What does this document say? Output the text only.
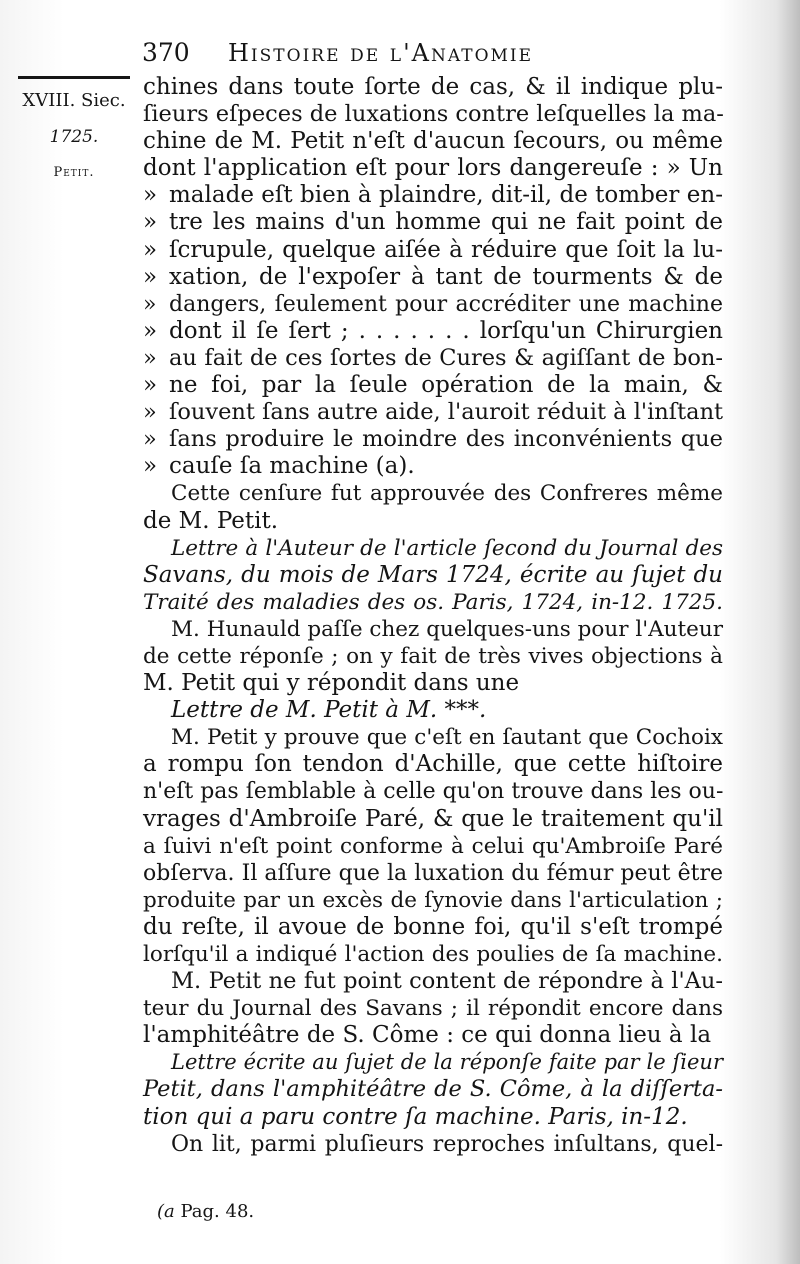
370 Histoire de l'Anatomie
XVIII. Siec.
1725.
Petit.
chines dans toute ſorte de cas, & il indique plu-
ſieurs eſpeces de luxations contre leſquelles la ma-
chine de M. Petit n'eſt d'aucun ſecours, ou même
dont l'application eſt pour lors dangereuſe : » Un
» malade eſt bien à plaindre, dit-il, de tomber en-
» tre les mains d'un homme qui ne fait point de
» ſcrupule, quelque aiſée à réduire que ſoit la lu-
» xation, de l'expoſer à tant de tourments & de
» dangers, ſeulement pour accréditer une machine
» dont il ſe ſert ; . . . . . . . lorſqu'un Chirurgien
» au fait de ces ſortes de Cures & agiſſant de bon-
» ne foi, par la ſeule opération de la main, &
» ſouvent ſans autre aide, l'auroit réduit à l'inſtant
» ſans produire le moindre des inconvénients que
» cauſe ſa machine (a).
Cette cenſure fut approuvée des Confreres même
de M. Petit.
Lettre à l'Auteur de l'article ſecond du Journal des
Savans, du mois de Mars 1724, écrite au ſujet du
Traité des maladies des os. Paris, 1724, in-12. 1725.
M. Hunauld paſſe chez quelques-uns pour l'Auteur
de cette réponſe ; on y fait de très vives objections à
M. Petit qui y répondit dans une
Lettre de M. Petit à M. ***.
M. Petit y prouve que c'eſt en ſautant que Cochoix
a rompu ſon tendon d'Achille, que cette hiſtoire
n'eſt pas ſemblable à celle qu'on trouve dans les ou-
vrages d'Ambroiſe Paré, & que le traitement qu'il
a ſuivi n'eſt point conforme à celui qu'Ambroiſe Paré
obſerva. Il aſſure que la luxation du fémur peut être
produite par un excès de ſynovie dans l'articulation ;
du reſte, il avoue de bonne foi, qu'il s'eſt trompé
lorſqu'il a indiqué l'action des poulies de ſa machine.
M. Petit ne fut point content de répondre à l'Au-
teur du Journal des Savans ; il répondit encore dans
l'amphitéâtre de S. Côme : ce qui donna lieu à la
Lettre écrite au ſujet de la réponſe faite par le ſieur
Petit, dans l'amphitéâtre de S. Côme, à la diſſerta-
tion qui a paru contre ſa machine. Paris, in-12.
On lit, parmi pluſieurs reproches inſultans, quel-
(a Pag. 48.
